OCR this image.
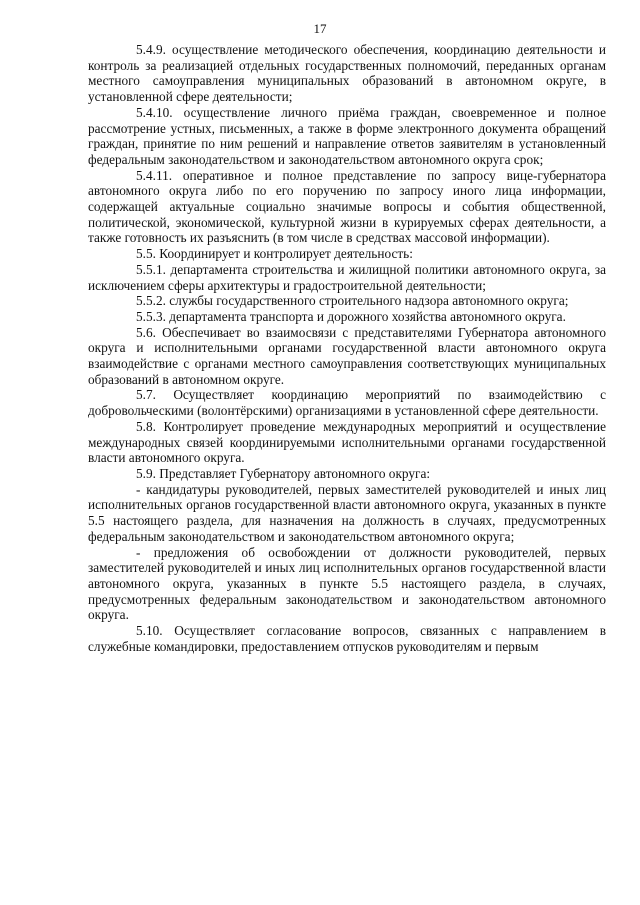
17

5.4.9. осуществление методического обеспечения, координацию деятельности и контроль за реализацией отдельных государственных полномочий, переданных органам местного самоуправления муниципальных образований в автономном округе, в установленной сфере деятельности;

5.4.10. осуществление личного приёма граждан, своевременное и полное рассмотрение устных, письменных, а также в форме электронного документа обращений граждан, принятие по ним решений и направление ответов заявителям в установленный федеральным законодательством и законодательством автономного округа срок;

5.4.11. оперативное и полное представление по запросу вице-губернатора автономного округа либо по его поручению по запросу иного лица информации, содержащей актуальные социально значимые вопросы и события общественной, политической, экономической, культурной жизни в курируемых сферах деятельности, а также готовность их разъяснить (в том числе в средствах массовой информации).

5.5. Координирует и контролирует деятельность:

5.5.1. департамента строительства и жилищной политики автономного округа, за исключением сферы архитектуры и градостроительной деятельности;

5.5.2. службы государственного строительного надзора автономного округа;

5.5.3. департамента транспорта и дорожного хозяйства автономного округа.

5.6. Обеспечивает во взаимосвязи с представителями Губернатора автономного округа и исполнительными органами государственной власти автономного округа взаимодействие с органами местного самоуправления соответствующих муниципальных образований в автономном округе.

5.7. Осуществляет координацию мероприятий по взаимодействию с добровольческими (волонтёрскими) организациями в установленной сфере деятельности.

5.8. Контролирует проведение международных мероприятий и осуществление международных связей координируемыми исполнительными органами государственной власти автономного округа.

5.9. Представляет Губернатору автономного округа:

- кандидатуры руководителей, первых заместителей руководителей и иных лиц исполнительных органов государственной власти автономного округа, указанных в пункте 5.5 настоящего раздела, для назначения на должность в случаях, предусмотренных федеральным законодательством и законодательством автономного округа;

- предложения об освобождении от должности руководителей, первых заместителей руководителей и иных лиц исполнительных органов государственной власти автономного округа, указанных в пункте 5.5 настоящего раздела, в случаях, предусмотренных федеральным законодательством и законодательством автономного округа.

5.10. Осуществляет согласование вопросов, связанных с направлением в служебные командировки, предоставлением отпусков руководителям и первым
